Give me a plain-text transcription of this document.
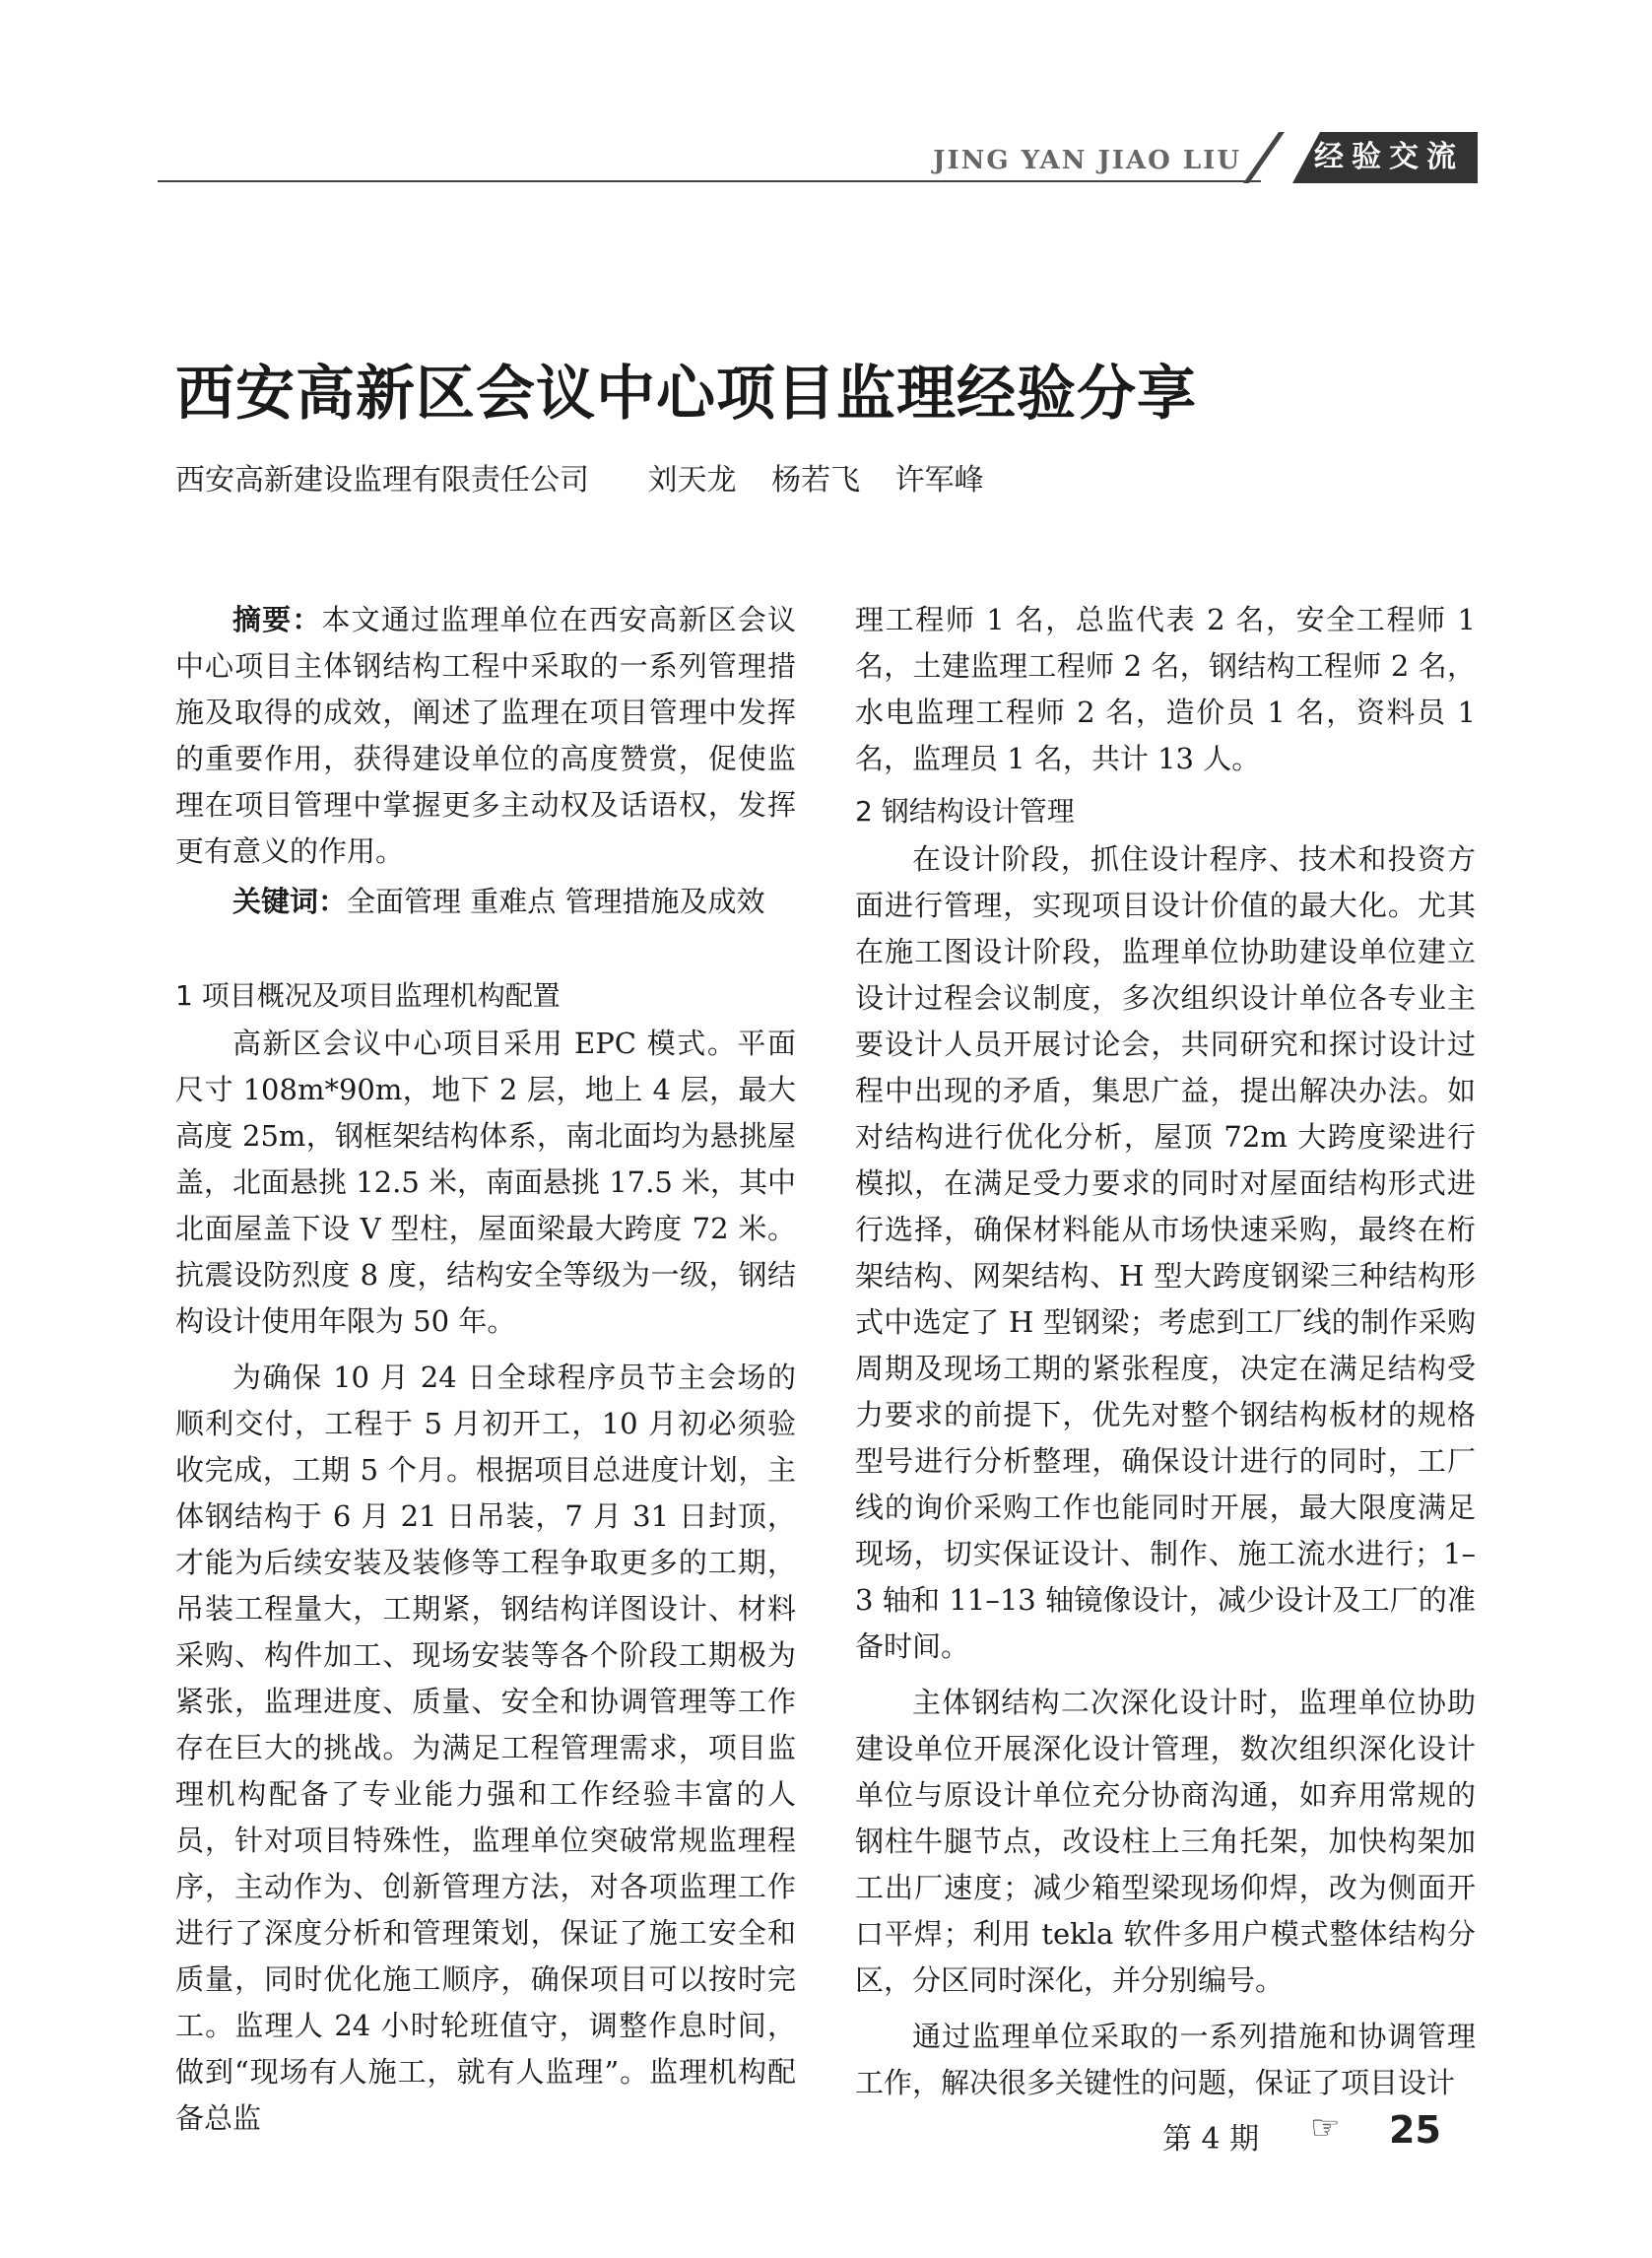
JING YAN JIAO LIU	经验交流
西安高新区会议中心项目监理经验分享
西安高新建设监理有限责任公司 刘天龙 杨若飞 许军峰

摘要：本文通过监理单位在西安高新区会议中心项目主体钢结构工程中采取的一系列管理措施及取得的成效，阐述了监理在项目管理中发挥的重要作用，获得建设单位的高度赞赏，促使监理在项目管理中掌握更多主动权及话语权，发挥更有意义的作用。

关键词：全面管理 重难点 管理措施及成效

1 项目概况及项目监理机构配置

高新区会议中心项目采用 EPC 模式。平面尺寸 108m*90m，地下 2 层，地上 4 层，最大高度 25m，钢框架结构体系，南北面均为悬挑屋盖，北面悬挑 12.5 米，南面悬挑 17.5 米，其中北面屋盖下设 V 型柱，屋面梁最大跨度 72 米。抗震设防烈度 8 度，结构安全等级为一级，钢结构设计使用年限为 50 年。

为确保 10 月 24 日全球程序员节主会场的顺利交付，工程于 5 月初开工，10 月初必须验收完成，工期 5 个月。根据项目总进度计划，主体钢结构于 6 月 21 日吊装，7 月 31 日封顶，才能为后续安装及装修等工程争取更多的工期，吊装工程量大，工期紧，钢结构详图设计、材料采购、构件加工、现场安装等各个阶段工期极为紧张，监理进度、质量、安全和协调管理等工作存在巨大的挑战。为满足工程管理需求，项目监理机构配备了专业能力强和工作经验丰富的人员，针对项目特殊性，监理单位突破常规监理程序，主动作为、创新管理方法，对各项监理工作进行了深度分析和管理策划，保证了施工安全和质量，同时优化施工顺序，确保项目可以按时完工。监理人 24 小时轮班值守，调整作息时间，做到“现场有人施工，就有人监理”。监理机构配备总监

理工程师 1 名，总监代表 2 名，安全工程师 1 名，土建监理工程师 2 名，钢结构工程师 2 名，水电监理工程师 2 名，造价员 1 名，资料员 1 名，监理员 1 名，共计 13 人。

2 钢结构设计管理

在设计阶段，抓住设计程序、技术和投资方面进行管理，实现项目设计价值的最大化。尤其在施工图设计阶段，监理单位协助建设单位建立设计过程会议制度，多次组织设计单位各专业主要设计人员开展讨论会，共同研究和探讨设计过程中出现的矛盾，集思广益，提出解决办法。如对结构进行优化分析，屋顶 72m 大跨度梁进行模拟，在满足受力要求的同时对屋面结构形式进行选择，确保材料能从市场快速采购，最终在桁架结构、网架结构、H 型大跨度钢梁三种结构形式中选定了 H 型钢梁；考虑到工厂线的制作采购周期及现场工期的紧张程度，决定在满足结构受力要求的前提下，优先对整个钢结构板材的规格型号进行分析整理，确保设计进行的同时，工厂线的询价采购工作也能同时开展，最大限度满足现场，切实保证设计、制作、施工流水进行；1–3 轴和 11–13 轴镜像设计，减少设计及工厂的准备时间。

主体钢结构二次深化设计时，监理单位协助建设单位开展深化设计管理，数次组织深化设计单位与原设计单位充分协商沟通，如弃用常规的钢柱牛腿节点，改设柱上三角托架，加快构架加工出厂速度；减少箱型梁现场仰焊，改为侧面开口平焊；利用 tekla 软件多用户模式整体结构分区，分区同时深化，并分别编号。

通过监理单位采取的一系列措施和协调管理工作，解决很多关键性的问题，保证了项目设计

第 4 期 ☞ 25
